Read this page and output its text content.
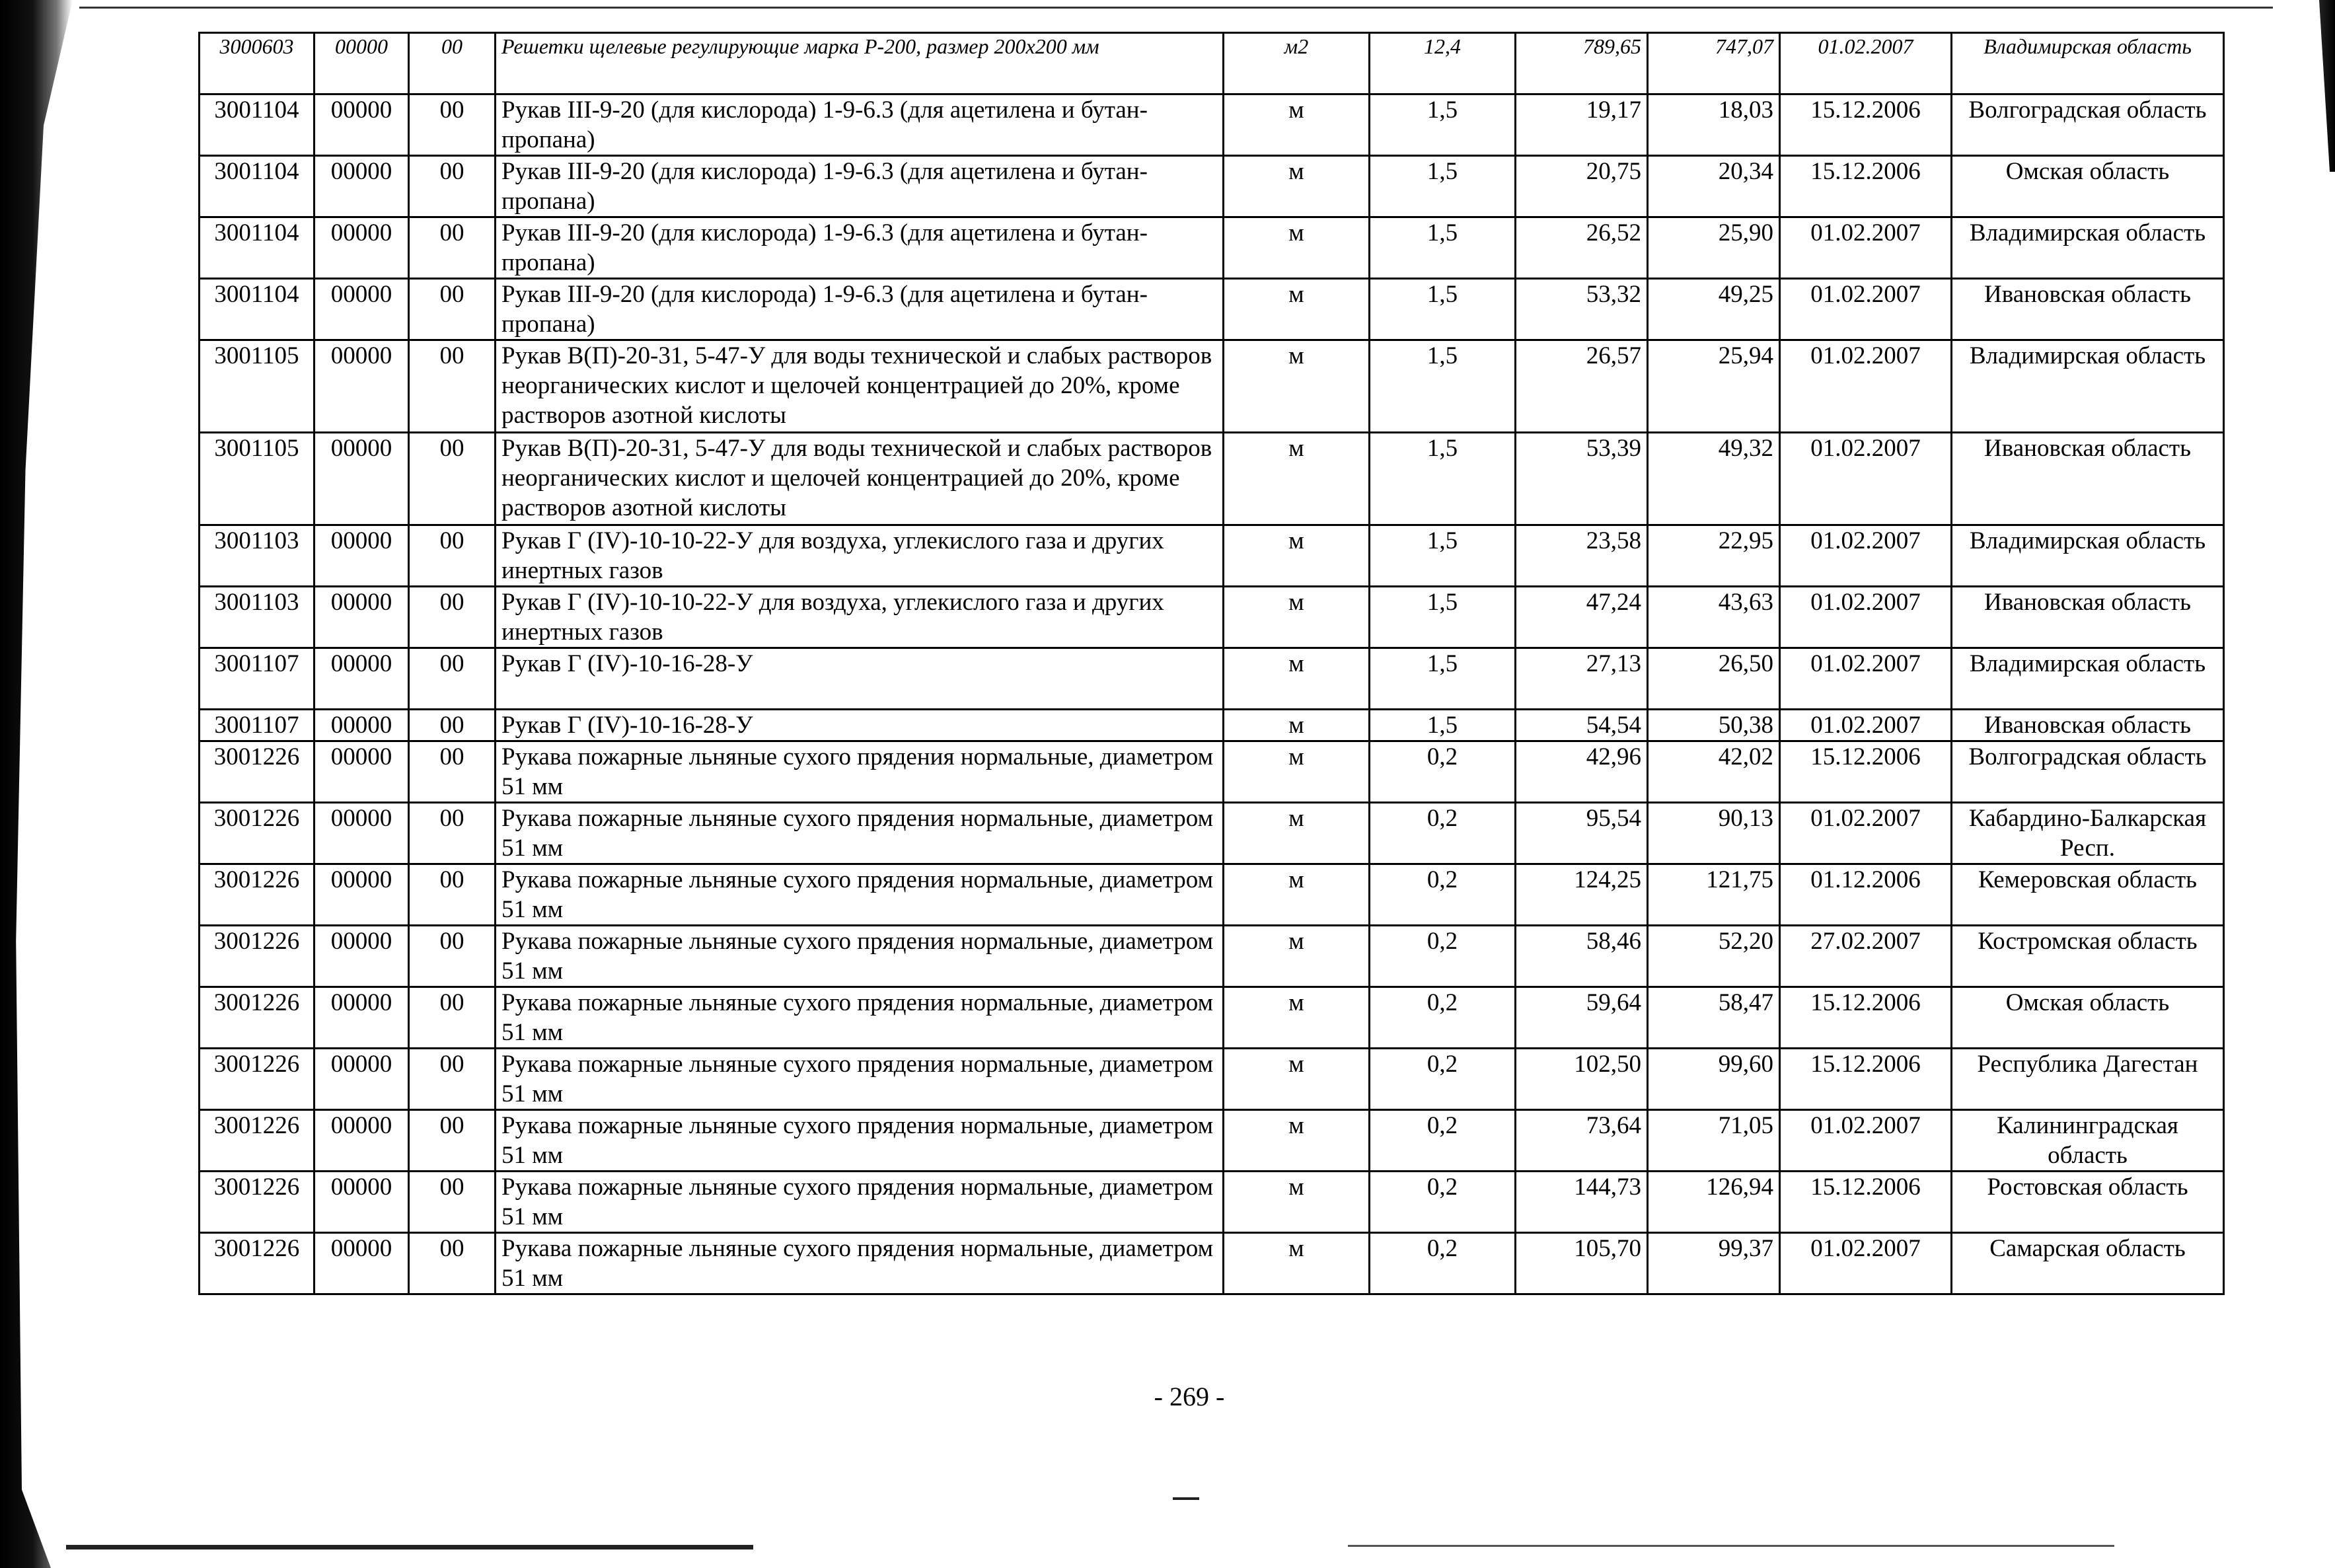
3000603	00000	00	Решетки щелевые регулирующие марка Р-200, размер 200х200 мм	м2	12,4	789,65	747,07	01.02.2007	Владимирская область
3001104	00000	00	Рукав III-9-20 (для кислорода) 1-9-6.3 (для ацетилена и бутан-пропана)	м	1,5	19,17	18,03	15.12.2006	Волгоградская область
3001104	00000	00	Рукав III-9-20 (для кислорода) 1-9-6.3 (для ацетилена и бутан-пропана)	м	1,5	20,75	20,34	15.12.2006	Омская область
3001104	00000	00	Рукав III-9-20 (для кислорода) 1-9-6.3 (для ацетилена и бутан-пропана)	м	1,5	26,52	25,90	01.02.2007	Владимирская область
3001104	00000	00	Рукав III-9-20 (для кислорода) 1-9-6.3 (для ацетилена и бутан-пропана)	м	1,5	53,32	49,25	01.02.2007	Ивановская область
3001105	00000	00	Рукав В(П)-20-31, 5-47-У для воды технической и слабых растворов неорганических кислот и щелочей концентрацией до 20%, кроме растворов азотной кислоты	м	1,5	26,57	25,94	01.02.2007	Владимирская область
3001105	00000	00	Рукав В(П)-20-31, 5-47-У для воды технической и слабых растворов неорганических кислот и щелочей концентрацией до 20%, кроме растворов азотной кислоты	м	1,5	53,39	49,32	01.02.2007	Ивановская область
3001103	00000	00	Рукав Г (IV)-10-10-22-У для воздуха, углекислого газа и других инертных газов	м	1,5	23,58	22,95	01.02.2007	Владимирская область
3001103	00000	00	Рукав Г (IV)-10-10-22-У для воздуха, углекислого газа и других инертных газов	м	1,5	47,24	43,63	01.02.2007	Ивановская область
3001107	00000	00	Рукав Г (IV)-10-16-28-У	м	1,5	27,13	26,50	01.02.2007	Владимирская область
3001107	00000	00	Рукав Г (IV)-10-16-28-У	м	1,5	54,54	50,38	01.02.2007	Ивановская область
3001226	00000	00	Рукава пожарные льняные сухого прядения нормальные, диаметром 51 мм	м	0,2	42,96	42,02	15.12.2006	Волгоградская область
3001226	00000	00	Рукава пожарные льняные сухого прядения нормальные, диаметром 51 мм	м	0,2	95,54	90,13	01.02.2007	Кабардино-Балкарская Респ.
3001226	00000	00	Рукава пожарные льняные сухого прядения нормальные, диаметром 51 мм	м	0,2	124,25	121,75	01.12.2006	Кемеровская область
3001226	00000	00	Рукава пожарные льняные сухого прядения нормальные, диаметром 51 мм	м	0,2	58,46	52,20	27.02.2007	Костромская область
3001226	00000	00	Рукава пожарные льняные сухого прядения нормальные, диаметром 51 мм	м	0,2	59,64	58,47	15.12.2006	Омская область
3001226	00000	00	Рукава пожарные льняные сухого прядения нормальные, диаметром 51 мм	м	0,2	102,50	99,60	15.12.2006	Республика Дагестан
3001226	00000	00	Рукава пожарные льняные сухого прядения нормальные, диаметром 51 мм	м	0,2	73,64	71,05	01.02.2007	Калининградская область
3001226	00000	00	Рукава пожарные льняные сухого прядения нормальные, диаметром 51 мм	м	0,2	144,73	126,94	15.12.2006	Ростовская область
3001226	00000	00	Рукава пожарные льняные сухого прядения нормальные, диаметром 51 мм	м	0,2	105,70	99,37	01.02.2007	Самарская область
- 269 -
